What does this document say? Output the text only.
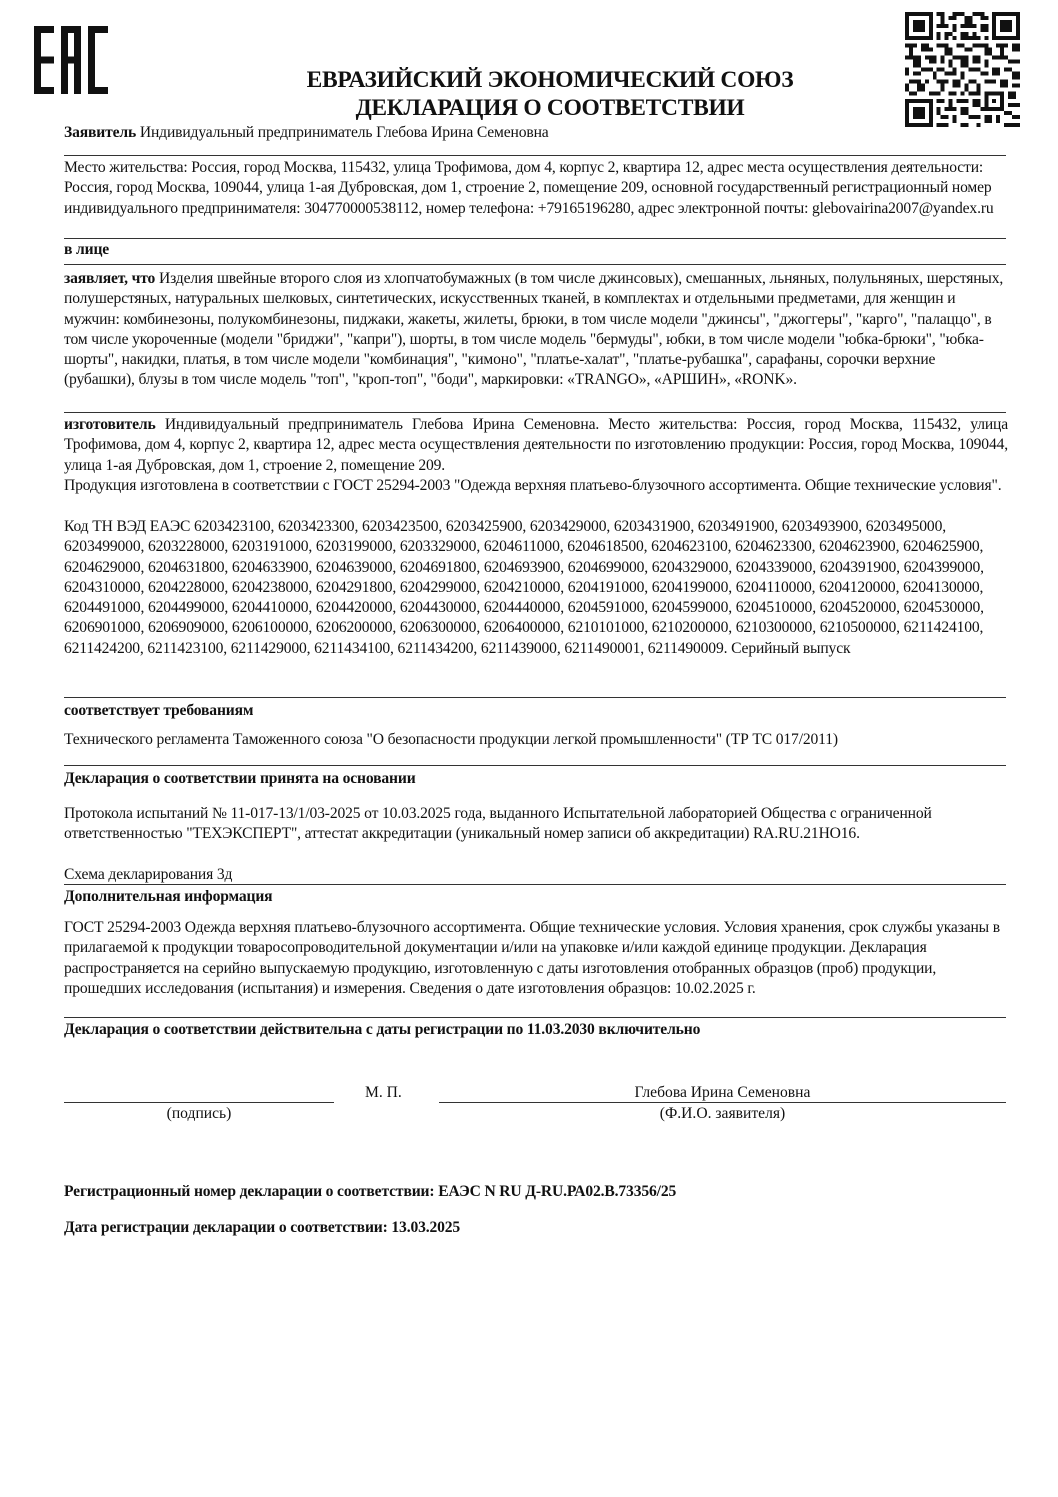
ЕВРАЗИЙСКИЙ ЭКОНОМИЧЕСКИЙ СОЮЗ
ДЕКЛАРАЦИЯ О СООТВЕТСТВИИ
Заявитель Индивидуальный предприниматель Глебова Ирина Семеновна
Место жительства: Россия, город Москва, 115432, улица Трофимова, дом 4, корпус 2, квартира 12, адрес места осуществления деятельности: Россия, город Москва, 109044, улица 1-ая Дубровская, дом 1, строение 2, помещение 209, основной государственный регистрационный номер индивидуального предпринимателя: 304770000538112, номер телефона: +79165196280, адрес электронной почты: glebovairina2007@yandex.ru
в лице
заявляет, что Изделия швейные второго слоя из хлопчатобумажных (в том числе джинсовых), смешанных, льняных, полульняных, шерстяных, полушерстяных, натуральных шелковых, синтетических, искусственных тканей, в комплектах и отдельными предметами, для женщин и мужчин: комбинезоны, полукомбинезоны, пиджаки, жакеты, жилеты, брюки, в том числе модели "джинсы", "джоггеры", "карго", "палаццо", в том числе укороченные (модели "бриджи", "капри"), шорты, в том числе модель "бермуды", юбки, в том числе модели "юбка-брюки", "юбка-шорты", накидки, платья, в том числе модели "комбинация", "кимоно", "платье-халат", "платье-рубашка", сарафаны, сорочки верхние (рубашки), блузы в том числе модель "топ", "кроп-топ", "боди", маркировки: «TRANGO», «АРШИН», «RONK».
изготовитель Индивидуальный предприниматель Глебова Ирина Семеновна. Место жительства: Россия, город Москва, 115432, улица Трофимова, дом 4, корпус 2, квартира 12, адрес места осуществления деятельности по изготовлению продукции: Россия, город Москва, 109044, улица 1-ая Дубровская, дом 1, строение 2, помещение 209.
Продукция изготовлена в соответствии с ГОСТ 25294-2003 "Одежда верхняя платьево-блузочного ассортимента. Общие технические условия".
Код ТН ВЭД ЕАЭС 6203423100, 6203423300, 6203423500, 6203425900, 6203429000, 6203431900, 6203491900, 6203493900, 6203495000, 6203499000, 6203228000, 6203191000, 6203199000, 6203329000, 6204611000, 6204618500, 6204623100, 6204623300, 6204623900, 6204625900, 6204629000, 6204631800, 6204633900, 6204639000, 6204691800, 6204693900, 6204699000, 6204329000, 6204339000, 6204391900, 6204399000, 6204310000, 6204228000, 6204238000, 6204291800, 6204299000, 6204210000, 6204191000, 6204199000, 6204110000, 6204120000, 6204130000, 6204491000, 6204499000, 6204410000, 6204420000, 6204430000, 6204440000, 6204591000, 6204599000, 6204510000, 6204520000, 6204530000, 6206901000, 6206909000, 6206100000, 6206200000, 6206300000, 6206400000, 6210101000, 6210200000, 6210300000, 6210500000, 6211424100, 6211424200, 6211423100, 6211429000, 6211434100, 6211434200, 6211439000, 6211490001, 6211490009. Серийный выпуск
соответствует требованиям
Технического регламента Таможенного союза "О безопасности продукции легкой промышленности" (ТР ТС 017/2011)
Декларация о соответствии принята на основании
Протокола испытаний № 11-017-13/1/03-2025 от 10.03.2025 года, выданного Испытательной лабораторией Общества с ограниченной ответственностью "ТЕХЭКСПЕРТ", аттестат аккредитации (уникальный номер записи об аккредитации) RA.RU.21НО16.
Схема декларирования 3д
Дополнительная информация
ГОСТ 25294-2003 Одежда верхняя платьево-блузочного ассортимента. Общие технические условия. Условия хранения, срок службы указаны в прилагаемой к продукции товаросопроводительной документации и/или на упаковке и/или каждой единице продукции. Декларация распространяется на серийно выпускаемую продукцию, изготовленную с даты изготовления отобранных образцов (проб) продукции, прошедших исследования (испытания) и измерения. Сведения о дате изготовления образцов: 10.02.2025 г.
Декларация о соответствии действительна с даты регистрации по 11.03.2030 включительно
М. П.	Глебова Ирина Семеновна
(подпись)	(Ф.И.О. заявителя)
Регистрационный номер декларации о соответствии: ЕАЭС N RU Д-RU.РА02.В.73356/25
Дата регистрации декларации о соответствии: 13.03.2025
